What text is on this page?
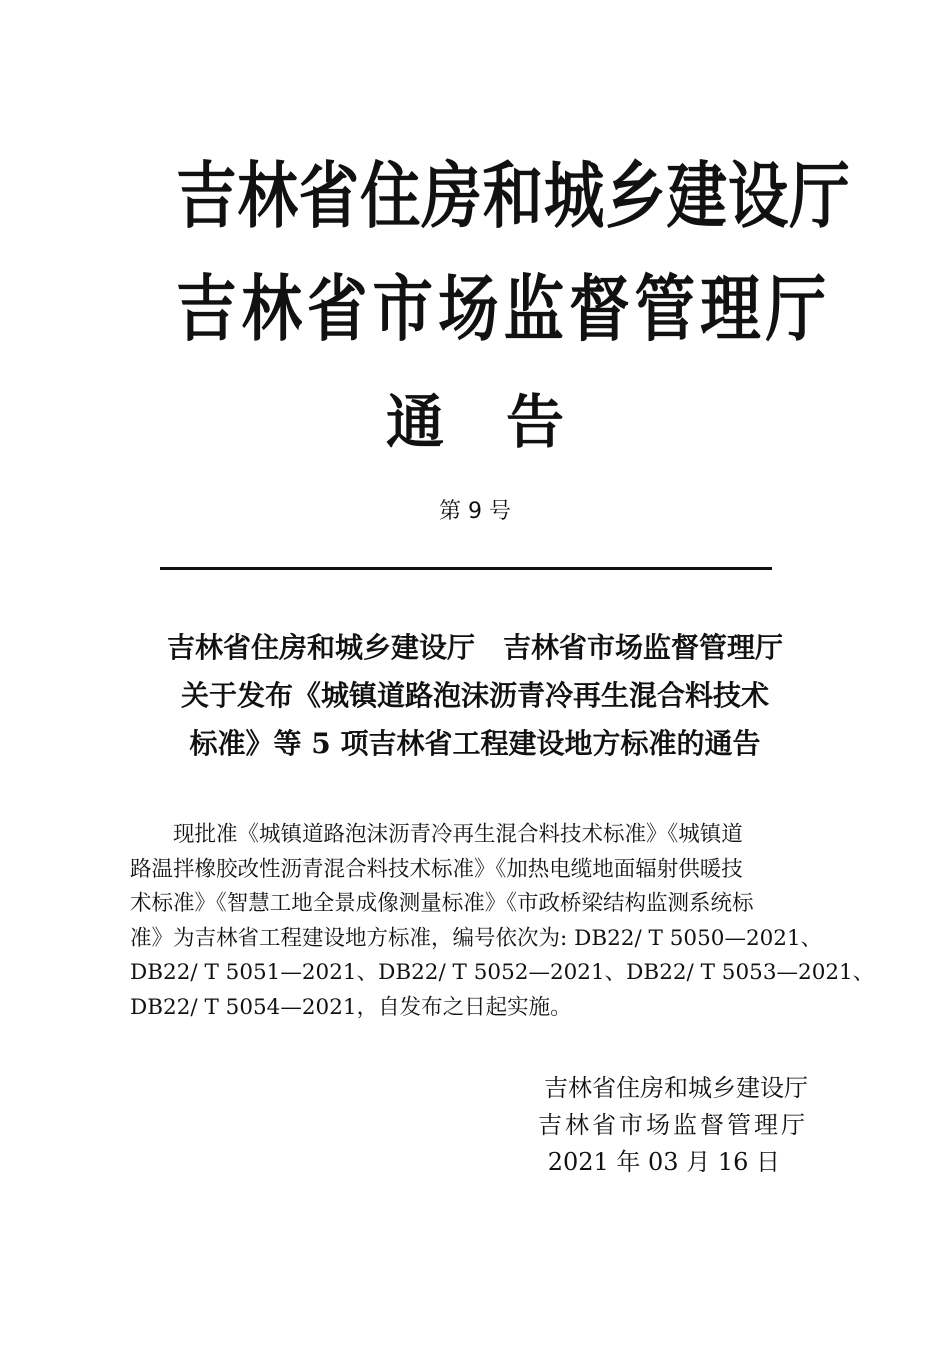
吉林省住房和城乡建设厅
吉林省市场监督管理厅
通告
第 9 号
吉林省住房和城乡建设厅　吉林省市场监督管理厅
关于发布《城镇道路泡沫沥青冷再生混合料技术
标准》等 5 项吉林省工程建设地方标准的通告
　　现批准《城镇道路泡沫沥青冷再生混合料技术标准》《城镇道
路温拌橡胶改性沥青混合料技术标准》《加热电缆地面辐射供暖技
术标准》《智慧工地全景成像测量标准》《市政桥梁结构监测系统标
准》为吉林省工程建设地方标准，编号依次为: DB22/ T 5050—2021、
DB22/ T 5051—2021、DB22/ T 5052—2021、DB22/ T 5053—2021、
DB22/ T 5054—2021，自发布之日起实施。
吉林省住房和城乡建设厅
吉林省市场监督管理厅
2021 年 03 月 16 日
